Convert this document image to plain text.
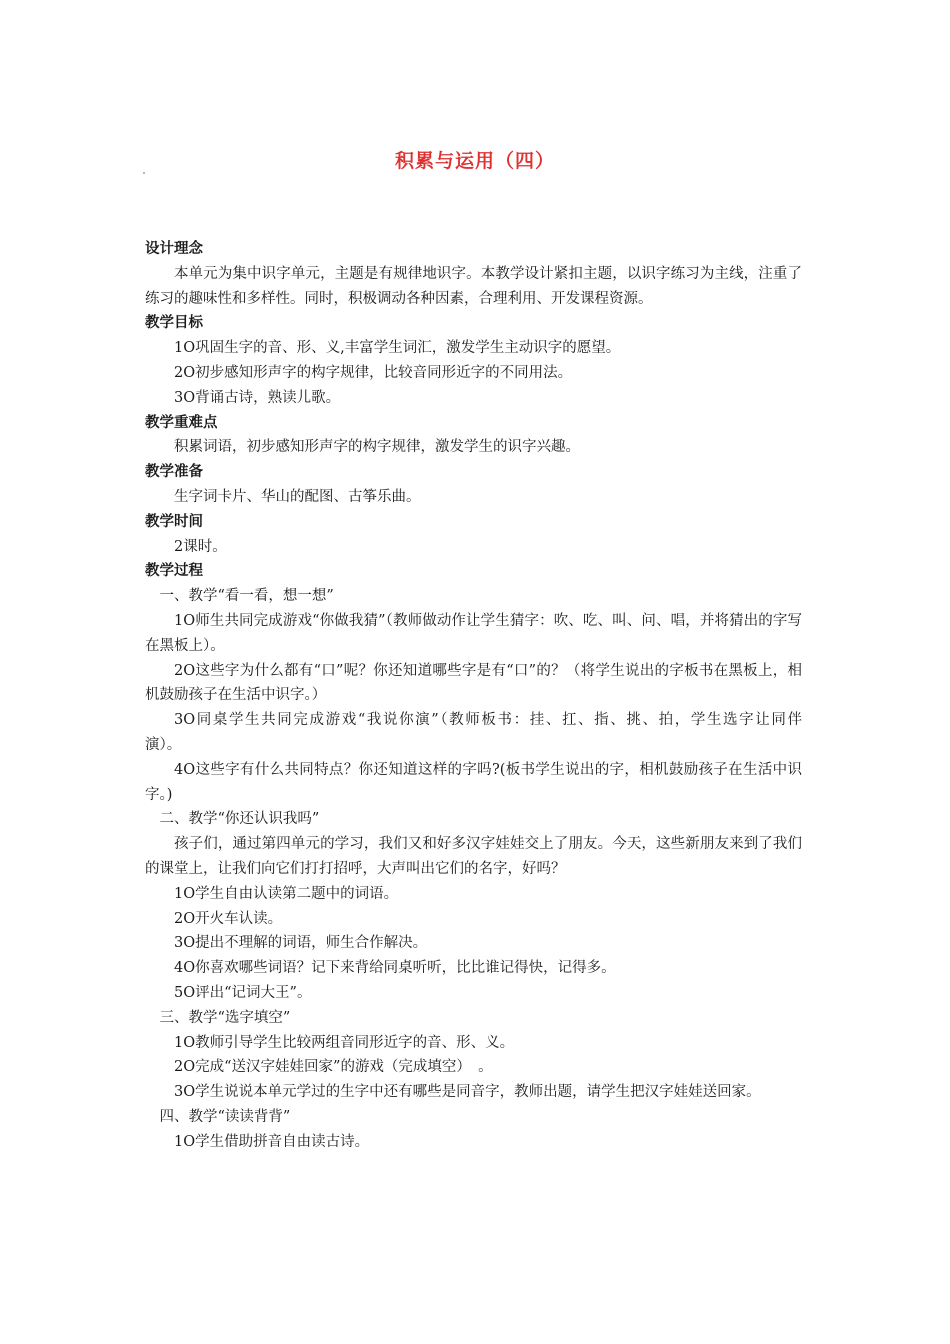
积累与运用（四）

设计理念

本单元为集中识字单元，主题是有规律地识字。本教学设计紧扣主题，以识字练习为主线，注重了练习的趣味性和多样性。同时，积极调动各种因素，合理利用、开发课程资源。

教学目标

1O巩固生字的音、形、义,丰富学生词汇，激发学生主动识字的愿望。

2O初步感知形声字的构字规律，比较音同形近字的不同用法。

3O背诵古诗，熟读儿歌。

教学重难点

积累词语，初步感知形声字的构字规律，激发学生的识字兴趣。

教学准备

生字词卡片、华山的配图、古筝乐曲。

教学时间

2课时。

教学过程

一、教学“看一看，想一想”

1O师生共同完成游戏“你做我猜”（教师做动作让学生猜字：吹、吃、叫、问、唱，并将猜出的字写在黑板上）。

2O这些字为什么都有“口”呢？你还知道哪些字是有“口”的？（将学生说出的字板书在黑板上，相机鼓励孩子在生活中识字。）

3O同桌学生共同完成游戏“我说你演”（教师板书：挂、扛、指、挑、拍，学生选字让同伴　　演）。

4O这些字有什么共同特点？你还知道这样的字吗?(板书学生说出的字，相机鼓励孩子在生活中识字。)

二、教学“你还认识我吗”

孩子们，通过第四单元的学习，我们又和好多汉字娃娃交上了朋友。今天，这些新朋友来到了我们的课堂上，让我们向它们打打招呼，大声叫出它们的名字，好吗？

1O学生自由认读第二题中的词语。

2O开火车认读。

3O提出不理解的词语，师生合作解决。

4O你喜欢哪些词语？记下来背给同桌听听，比比谁记得快，记得多。

5O评出“记词大王”。

三、教学“选字填空”

1O教师引导学生比较两组音同形近字的音、形、义。

2O完成“送汉字娃娃回家”的游戏（完成填空）　。

3O学生说说本单元学过的生字中还有哪些是同音字，教师出题，请学生把汉字娃娃送回家。

四、教学“读读背背”

1O学生借助拼音自由读古诗。
